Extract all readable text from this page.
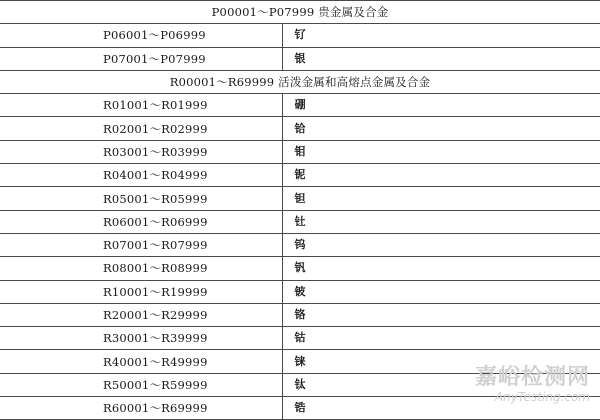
P00001～P07999 贵金属及合金	
P06001～P06999	钌
P07001～P07999	银
R00001～R69999 活泼金属和高熔点金属及合金	
R01001～R01999	硼
R02001～R02999	铪
R03001～R03999	钼
R04001～R04999	铌
R05001～R05999	钽
R06001～R06999	钍
R07001～R07999	钨
R08001～R08999	钒
R10001～R19999	铍
R20001～R29999	铬
R30001～R39999	钴
R40001～R49999	铼
R50001～R59999	钛
R60001～R69999	锆
嘉峪检测网
AnyTesting.com
